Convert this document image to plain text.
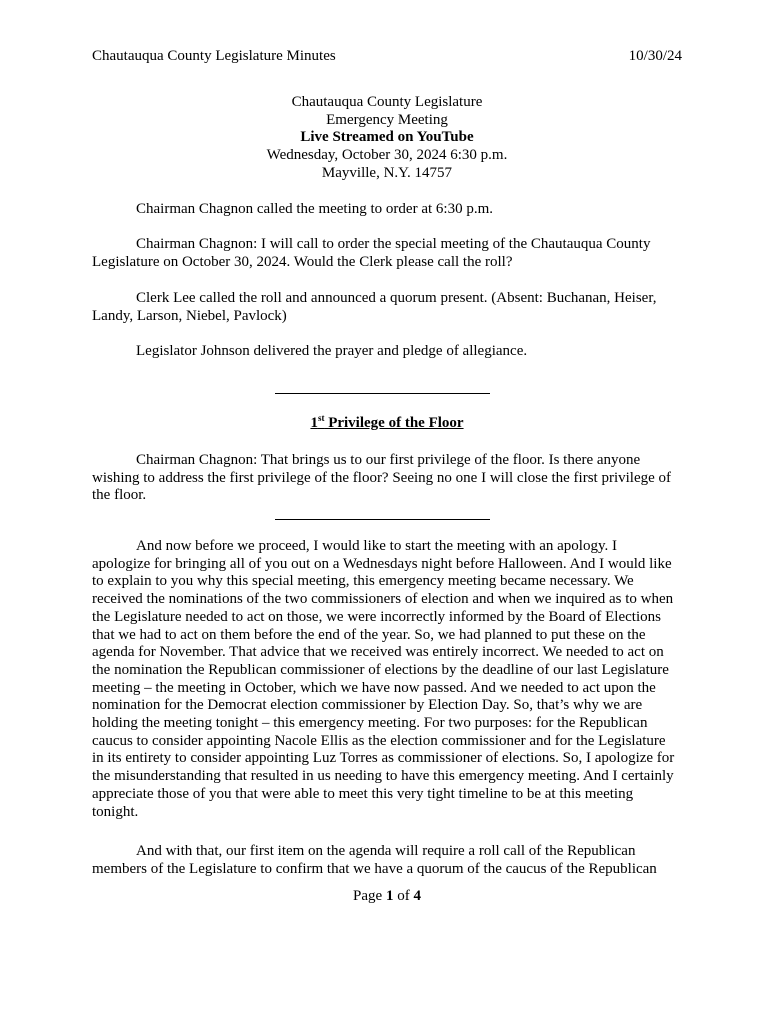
Chautauqua County Legislature Minutes	10/30/24
Chautauqua County Legislature
Emergency Meeting
Live Streamed on YouTube
Wednesday, October 30, 2024 6:30 p.m.
Mayville, N.Y. 14757
Chairman Chagnon called the meeting to order at 6:30 p.m.
Chairman Chagnon: I will call to order the special meeting of the Chautauqua County
Legislature on October 30, 2024. Would the Clerk please call the roll?
Clerk Lee called the roll and announced a quorum present. (Absent: Buchanan, Heiser,
Landy, Larson, Niebel, Pavlock)
Legislator Johnson delivered the prayer and pledge of allegiance.
1st Privilege of the Floor
Chairman Chagnon: That brings us to our first privilege of the floor. Is there anyone
wishing to address the first privilege of the floor? Seeing no one I will close the first privilege of
the floor.
And now before we proceed, I would like to start the meeting with an apology. I
apologize for bringing all of you out on a Wednesdays night before Halloween. And I would like
to explain to you why this special meeting, this emergency meeting became necessary. We
received the nominations of the two commissioners of election and when we inquired as to when
the Legislature needed to act on those, we were incorrectly informed by the Board of Elections
that we had to act on them before the end of the year. So, we had planned to put these on the
agenda for November. That advice that we received was entirely incorrect. We needed to act on
the nomination the Republican commissioner of elections by the deadline of our last Legislature
meeting – the meeting in October, which we have now passed. And we needed to act upon the
nomination for the Democrat election commissioner by Election Day. So, that’s why we are
holding the meeting tonight – this emergency meeting. For two purposes: for the Republican
caucus to consider appointing Nacole Ellis as the election commissioner and for the Legislature
in its entirety to consider appointing Luz Torres as commissioner of elections. So, I apologize for
the misunderstanding that resulted in us needing to have this emergency meeting. And I certainly
appreciate those of you that were able to meet this very tight timeline to be at this meeting
tonight.
And with that, our first item on the agenda will require a roll call of the Republican
members of the Legislature to confirm that we have a quorum of the caucus of the Republican
Page 1 of 4
